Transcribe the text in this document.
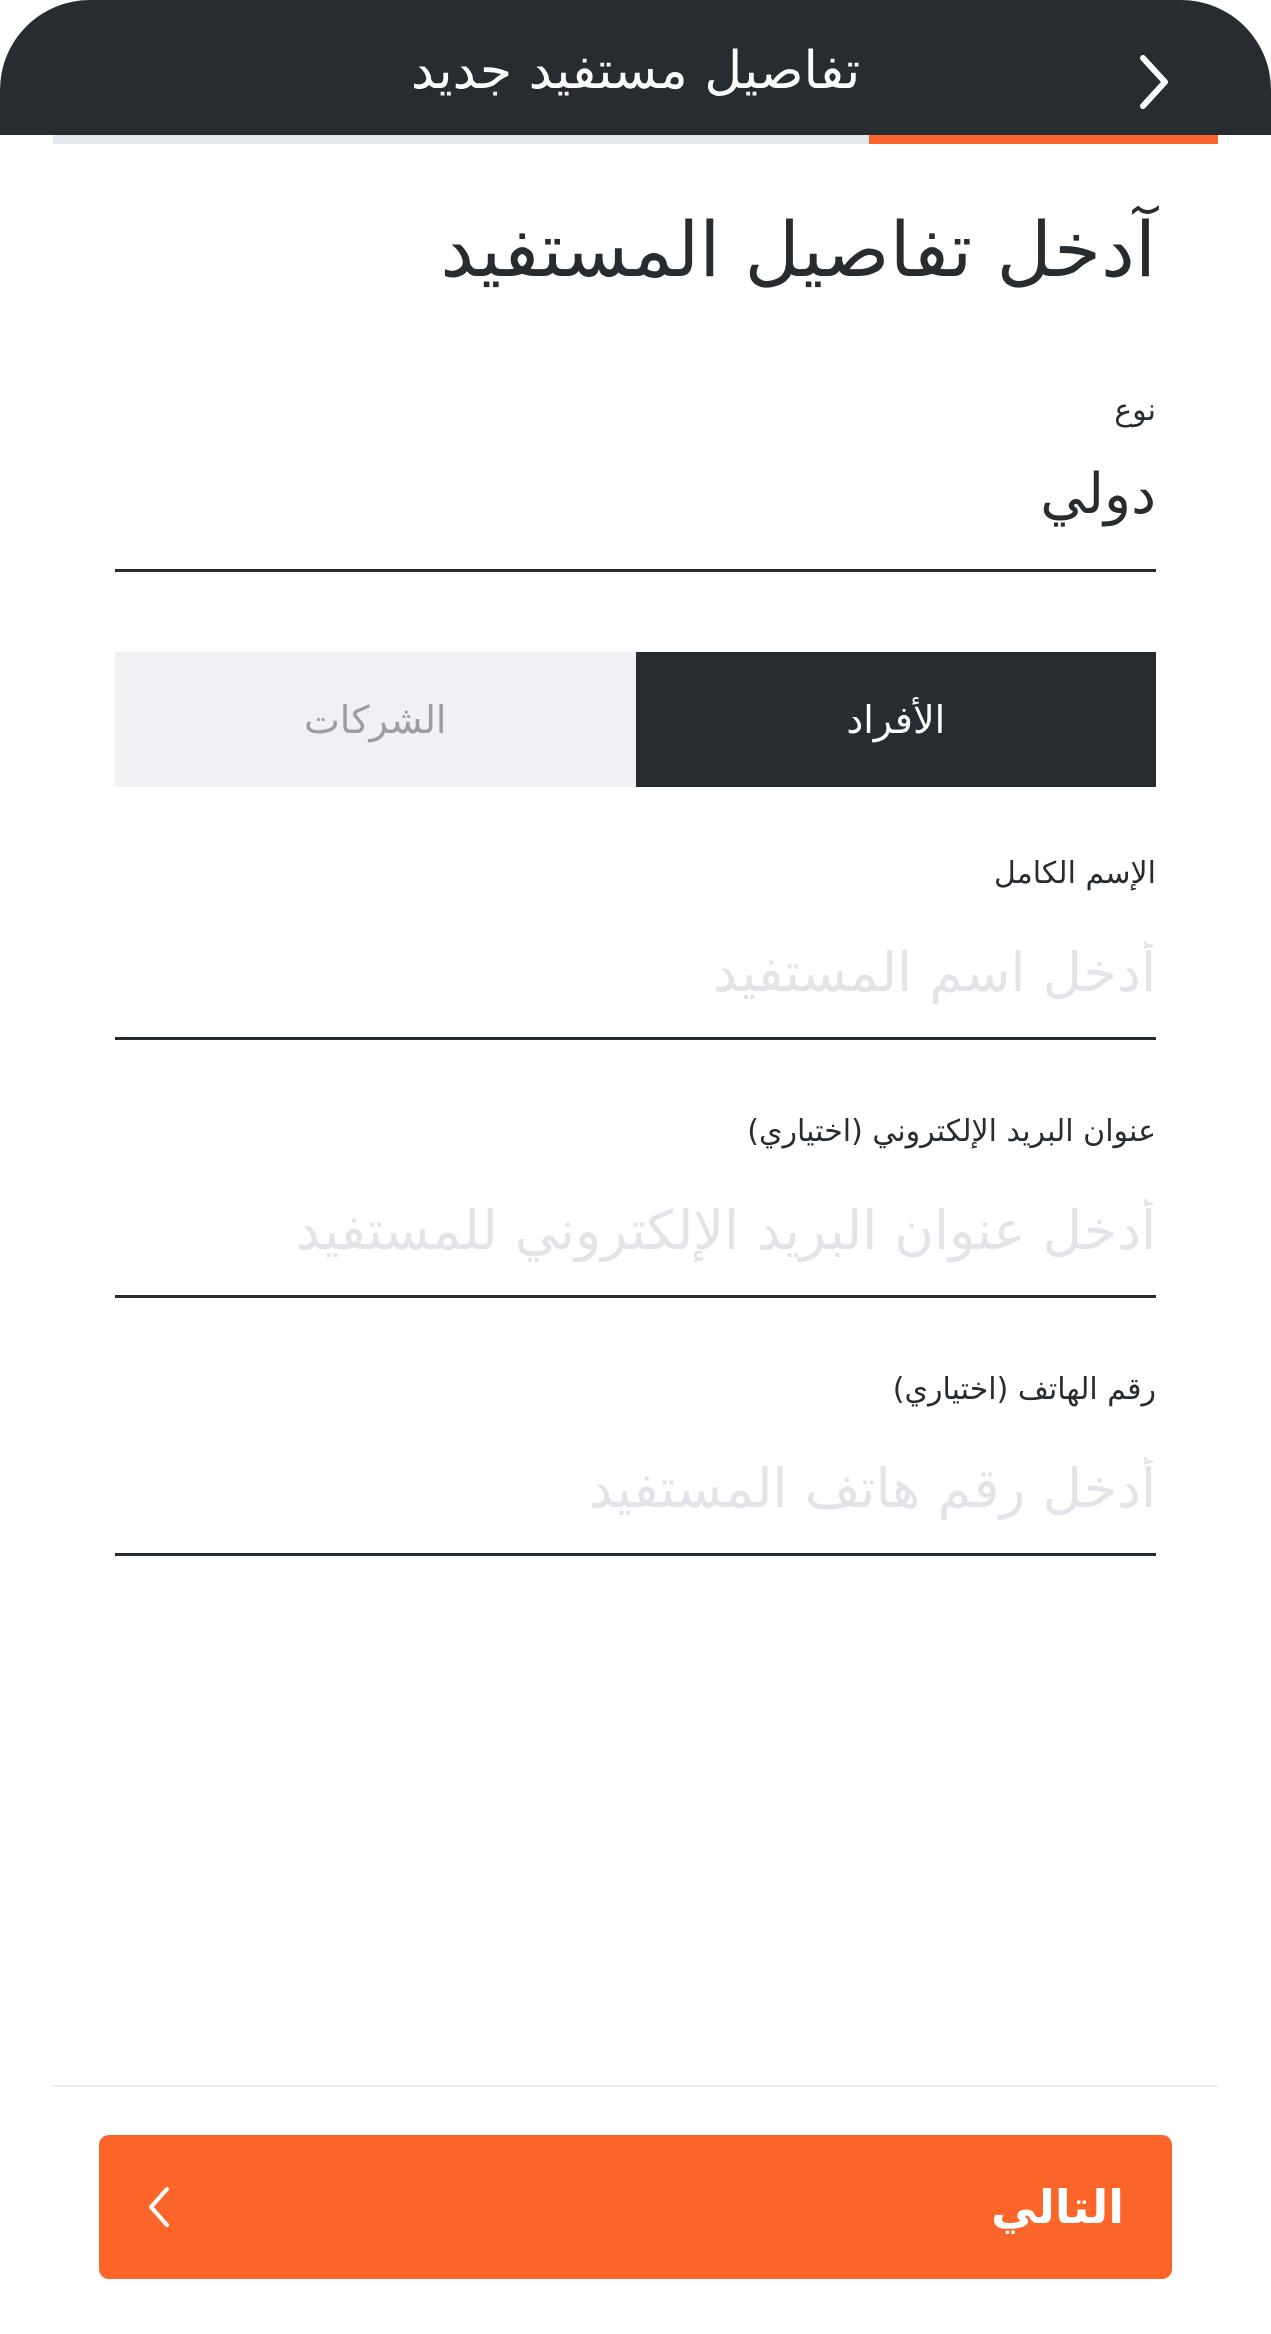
تفاصيل مستفيد جديد
آدخل تفاصيل المستفيد
نوع
دولي
الشركات	الأفراد
الإسم الكامل
أدخل اسم المستفيد
عنوان البريد الإلكتروني (اختياري)
أدخل عنوان البريد الإلكتروني للمستفيد
رقم الهاتف (اختياري)
أدخل رقم هاتف المستفيد
التالي
